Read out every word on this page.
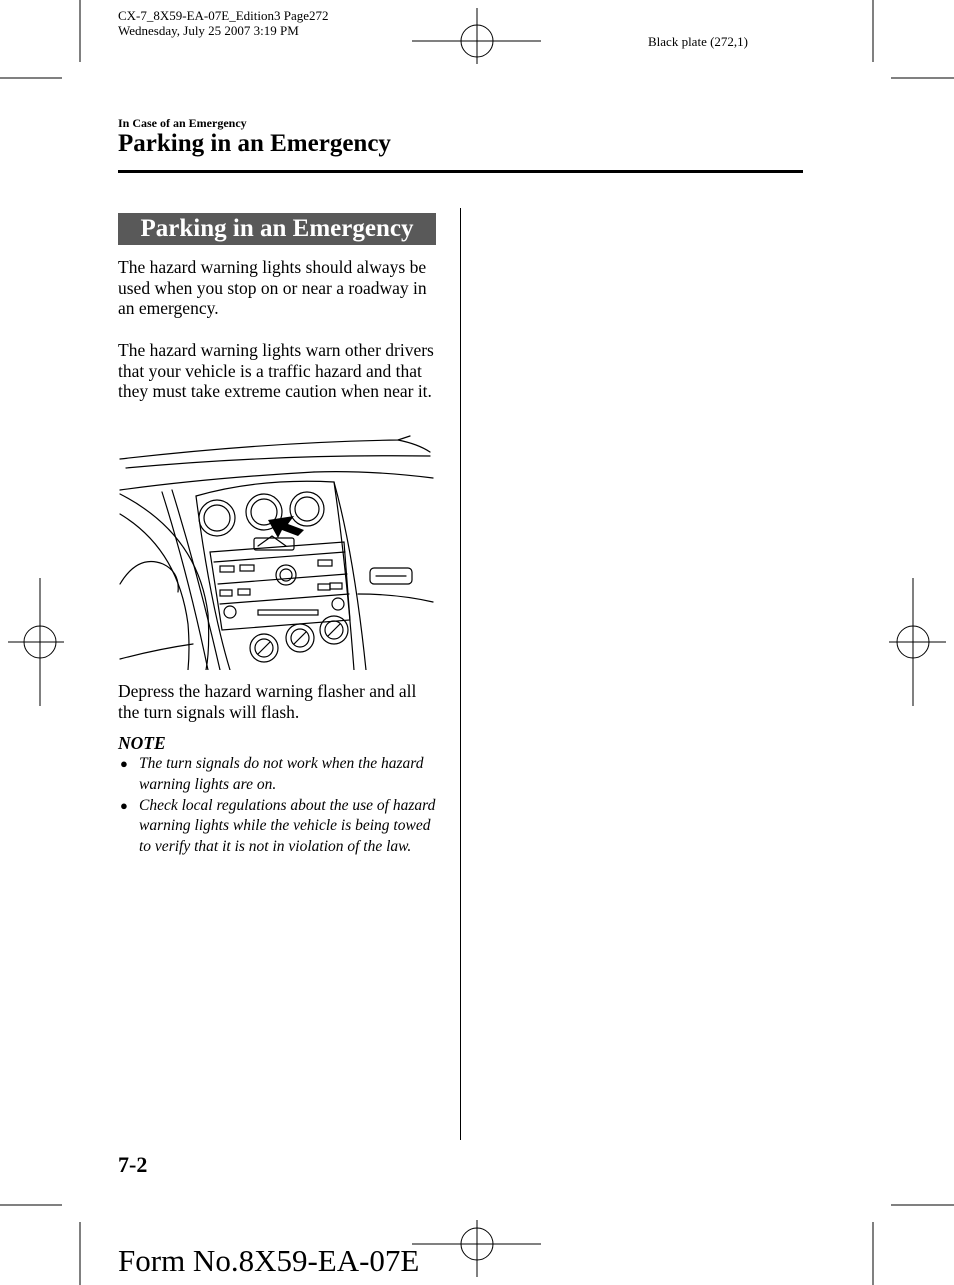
CX-7_8X59-EA-07E_Edition3 Page272
Wednesday, July 25 2007 3:19 PM
Black plate (272,1)
In Case of an Emergency
Parking in an Emergency
Parking in an Emergency

The hazard warning lights should always be used when you stop on or near a roadway in an emergency.

The hazard warning lights warn other drivers that your vehicle is a traffic hazard and that they must take extreme caution when near it.

Depress the hazard warning flasher and all the turn signals will flash.

NOTE
● The turn signals do not work when the hazard warning lights are on.
● Check local regulations about the use of hazard warning lights while the vehicle is being towed to verify that it is not in violation of the law.
7-2
Form No.8X59-EA-07E
